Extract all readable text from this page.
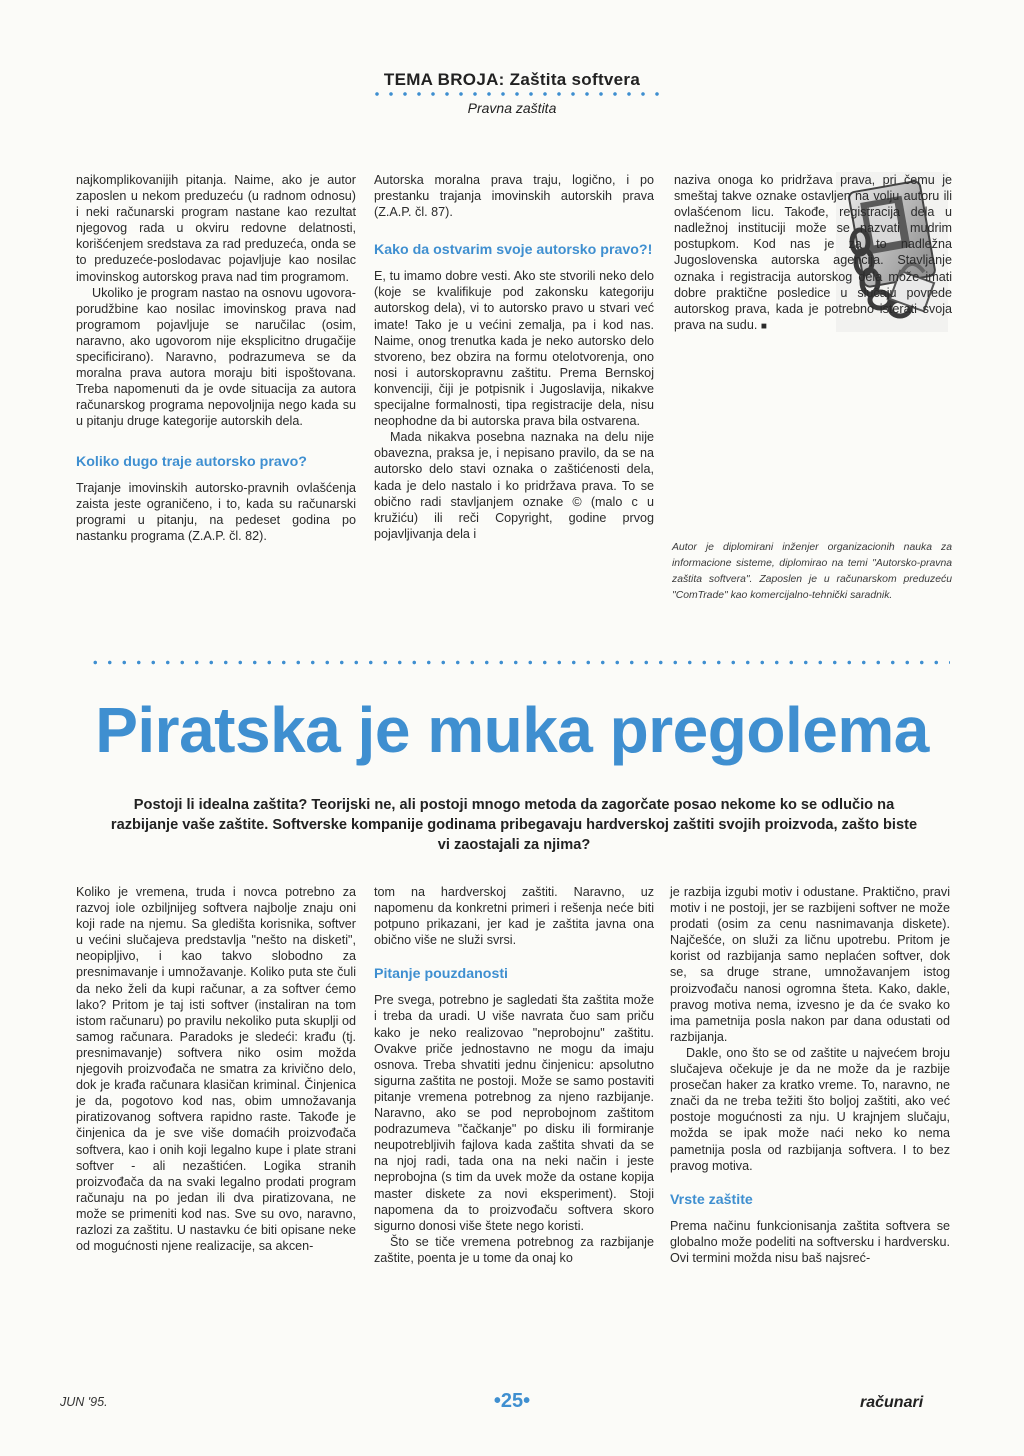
TEMA BROJA: Zaštita softvera
Pravna zaštita

najkomplikovanijih pitanja. Naime, ako je autor zaposlen u nekom preduzeću (u radnom odnosu) i neki računarski program nastane kao rezultat njegovog rada u okviru redovne delatnosti, korišćenjem sredstava za rad preduzeća, onda se to preduzeće-poslodavac pojavljuje kao nosilac imovinskog autorskog prava nad tim programom.

Ukoliko je program nastao na osnovu ugovora-porudžbine kao nosilac imovinskog prava nad programom pojavljuje se naručilac (osim, naravno, ako ugovorom nije eksplicitno drugačije specificirano). Naravno, podrazumeva se da moralna prava autora moraju biti ispoštovana. Treba napomenuti da je ovde situacija za autora računarskog programa nepovoljnija nego kada su u pitanju druge kategorije autorskih dela.

Koliko dugo traje autorsko pravo?

Trajanje imovinskih autorsko-pravnih ovlašćenja zaista jeste ograničeno, i to, kada su računarski programi u pitanju, na pedeset godina po nastanku programa (Z.A.P. čl. 82).

Autorska moralna prava traju, logično, i po prestanku trajanja imovinskih autorskih prava (Z.A.P. čl. 87).

Kako da ostvarim svoje autorsko pravo?!

E, tu imamo dobre vesti. Ako ste stvorili neko delo (koje se kvalifikuje pod zakonsku kategoriju autorskog dela), vi to autorsko pravo u stvari već imate! Tako je u većini zemalja, pa i kod nas. Naime, onog trenutka kada je neko autorsko delo stvoreno, bez obzira na formu otelotvorenja, ono nosi i autorskopravnu zaštitu. Prema Bernskoj konvenciji, čiji je potpisnik i Jugoslavija, nikakve specijalne formalnosti, tipa registracije dela, nisu neophodne da bi autorska prava bila ostvarena.

Mada nikakva posebna naznaka na delu nije obavezna, praksa je, i nepisano pravilo, da se na autorsko delo stavi oznaka o zaštićenosti dela, kada je delo nastalo i ko pridržava prava. To se obično radi stavljanjem oznake © (malo c u kružiću) ili reči Copyright, godine prvog pojavljivanja dela i

naziva onoga ko pridržava prava, pri čemu je smeštaj takve oznake ostavljen na volju autoru ili ovlašćenom licu. Takođe, registracija dela u nadležnoj instituciji može se nazvati mudrim postupkom. Kod nas je za to nadležna Jugoslovenska autorska agencija. Stavljanje oznaka i registracija autorskog dela može imati dobre praktične posledice u slučaju povrede autorskog prava, kada je potrebno isterati svoja prava na sudu. ■

Autor je diplomirani inženjer organizacionih nauka za informacione sisteme, diplomirao na temi "Autorsko-pravna zaštita softvera". Zaposlen je u računarskom preduzeću "ComTrade" kao komercijalno-tehnički saradnik.
Piratska je muka pregolema
Postoji li idealna zaštita? Teorijski ne, ali postoji mnogo metoda da zagorčate posao nekome ko se odlučio na razbijanje vaše zaštite. Softverske kompanije godinama pribegavaju hardverskoj zaštiti svojih proizvoda, zašto biste vi zaostajali za njima?

Koliko je vremena, truda i novca potrebno za razvoj iole ozbiljnijeg softvera najbolje znaju oni koji rade na njemu. Sa gledišta korisnika, softver u većini slučajeva predstavlja "nešto na disketi", neopipljivo, i kao takvo slobodno za presnimavanje i umnožavanje. Koliko puta ste čuli da neko želi da kupi računar, a za softver ćemo lako? Pritom je taj isti softver (instaliran na tom istom računaru) po pravilu nekoliko puta skuplji od samog računara. Paradoks je sledeći: krađu (tj. presnimavanje) softvera niko osim možda njegovih proizvođača ne smatra za krivično delo, dok je krađa računara klasičan kriminal. Činjenica je da, pogotovo kod nas, obim umnožavanja piratizovanog softvera rapidno raste. Takođe je činjenica da je sve više domaćih proizvođača softvera, kao i onih koji legalno kupe i plate strani softver - ali nezaštićen. Logika stranih proizvođača da na svaki legalno prodati program računaju na po jedan ili dva piratizovana, ne može se primeniti kod nas. Sve su ovo, naravno, razlozi za zaštitu. U nastavku će biti opisane neke od mogućnosti njene realizacije, sa akcen-

tom na hardverskoj zaštiti. Naravno, uz napomenu da konkretni primeri i rešenja neće biti potpuno prikazani, jer kad je zaštita javna ona obično više ne služi svrsi.

Pitanje pouzdanosti

Pre svega, potrebno je sagledati šta zaštita može i treba da uradi. U više navrata čuo sam priču kako je neko realizovao "neprobojnu" zaštitu. Ovakve priče jednostavno ne mogu da imaju osnova. Treba shvatiti jednu činjenicu: apsolutno sigurna zaštita ne postoji. Može se samo postaviti pitanje vremena potrebnog za njeno razbijanje. Naravno, ako se pod neprobojnom zaštitom podrazumeva "čačkanje" po disku ili formiranje neupotrebljivih fajlova kada zaštita shvati da se na njoj radi, tada ona na neki način i jeste neprobojna (s tim da uvek može da ostane kopija master diskete za novi eksperiment). Stoji napomena da to proizvođaču softvera skoro sigurno donosi više štete nego koristi.

Što se tiče vremena potrebnog za razbijanje zaštite, poenta je u tome da onaj ko

je razbija izgubi motiv i odustane. Praktično, pravi motiv i ne postoji, jer se razbijeni softver ne može prodati (osim za cenu nasnimavanja diskete). Najčešće, on služi za ličnu upotrebu. Pritom je korist od razbijanja samo neplaćen softver, dok se, sa druge strane, umnožavanjem istog proizvođaču nanosi ogromna šteta. Kako, dakle, pravog motiva nema, izvesno je da će svako ko ima pametnija posla nakon par dana odustati od razbijanja.

Dakle, ono što se od zaštite u najvećem broju slučajeva očekuje je da ne može da je razbije prosečan haker za kratko vreme. To, naravno, ne znači da ne treba težiti što boljoj zaštiti, ako već postoje mogućnosti za nju. U krajnjem slučaju, možda se ipak može naći neko ko nema pametnija posla od razbijanja softvera. I to bez pravog motiva.

Vrste zaštite

Prema načinu funkcionisanja zaštita softvera se globalno može podeliti na softversku i hardversku. Ovi termini možda nisu baš najsreć-

JUN '95.	•25•	računari
